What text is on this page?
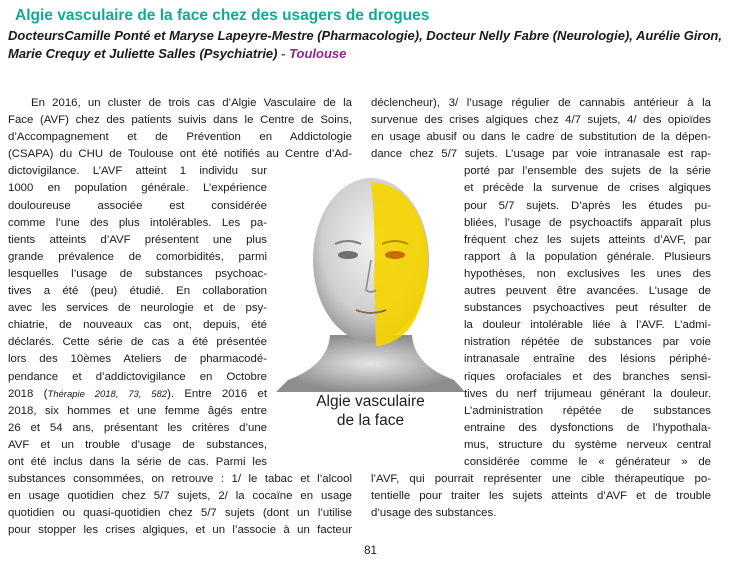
Algie vasculaire de la face chez des usagers de drogues
DocteursCamille Ponté et Maryse Lapeyre-Mestre (Pharmacologie), Docteur Nelly Fabre (Neurologie), Aurélie Giron, Marie Crequy et Juliette Salles (Psychiatrie) - Toulouse
En 2016, un cluster de trois cas d’Algie Vasculaire de la
Face (AVF) chez des patients suivis dans le Centre de Soins,
d’Accompagnement et de Prévention en Addictologie
(CSAPA) du CHU de Toulouse ont été notifiés au Centre d’Ad-
dictovigilance. L’AVF atteint 1 individu sur
1000 en population générale. L’expérience
douloureuse associée est considérée
comme l’une des plus intolérables. Les pa-
tients atteints d’AVF présentent une plus
grande prévalence de comorbidités, parmi
lesquelles l’usage de substances psychoac-
tives a été (peu) étudié. En collaboration
avec les services de neurologie et de psy-
chiatrie, de nouveaux cas ont, depuis, été
déclarés. Cette série de cas a été présentée
lors des 10èmes Ateliers de pharmacodé-
pendance et d’addictovigilance en Octobre
2018 (Thérapie 2018, 73, 582). Entre 2016 et
2018, six hommes et une femme âgés entre
26 et 54 ans, présentant les critères d’une
AVF et un trouble d’usage de substances,
ont été inclus dans la série de cas. Parmi les
substances consommées, on retrouve : 1/ le tabac et l’alcool
en usage quotidien chez 5/7 sujets, 2/ la cocaïne en usage
quotidien ou quasi-quotidien chez 5/7 sujets (dont un l’utilise
pour stopper les crises algiques, et un l’associe à un facteur
déclencheur), 3/ l’usage régulier de cannabis antérieur à la
survenue des crises algiques chez 4/7 sujets, 4/ des opioïdes
en usage abusif ou dans le cadre de substitution de la dépen-
dance chez 5/7 sujets. L’usage par voie intranasale est rap-
porté par l’ensemble des sujets de la série
et précède la survenue de crises algiques
pour 5/7 sujets. D’après les études pu-
bliées, l’usage de psychoactifs apparaît plus
fréquent chez les sujets atteints d’AVF, par
rapport à la population générale. Plusieurs
hypothèses, non exclusives les unes des
autres peuvent être avancées. L’usage de
substances psychoactives peut résulter de
la douleur intolérable liée à l’AVF. L’admi-
nistration répétée de substances par voie
intranasale entraîne des lésions périphé-
riques orofaciales et des branches sensi-
tives du nerf trijumeau générant la douleur.
L’administration répétée de substances
entraine des dysfonctions de l’hypothala-
mus, structure du système nerveux central
considérée comme le « générateur » de
l’AVF, qui pourrait représenter une cible thérapeutique po-
tentielle pour traiter les sujets atteints d’AVF et de trouble
d’usage des substances.
Algie vasculaire
de la face
81
